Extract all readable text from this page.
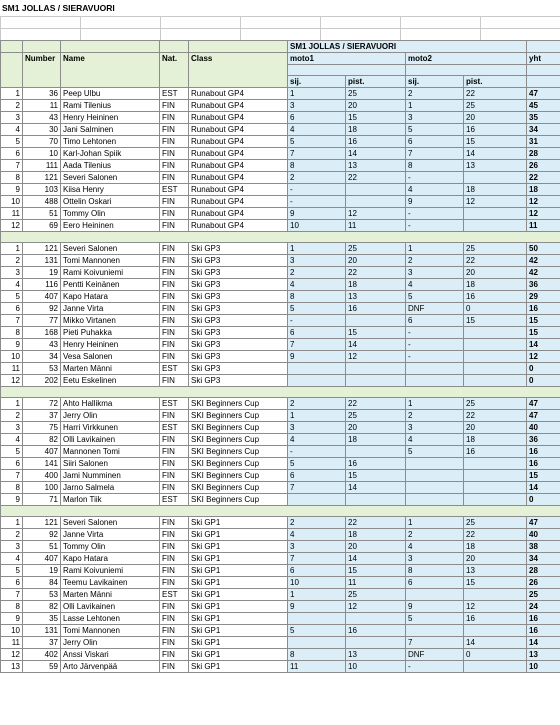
SM1 JOLLAS / SIERAVUORI
					SM1 JOLLAS / SIERAVUORI				
	Number	Name	Nat.	Class	moto1		moto2		yht

					sij.	pist.	sij.	pist.	
1	36	Peep Ulbu	EST	Runabout GP4	1	25	2	22	47
2	11	Rami Tilenius	FIN	Runabout GP4	3	20	1	25	45
3	43	Henry Heininen	FIN	Runabout GP4	6	15	3	20	35
4	30	Jani Salminen	FIN	Runabout GP4	4	18	5	16	34
5	70	Timo Lehtonen	FIN	Runabout GP4	5	16	6	15	31
6	10	Karl-Johan Spiik	FIN	Runabout GP4	7	14	7	14	28
7	111	Aada Tilenius	FIN	Runabout GP4	8	13	8	13	26
8	121	Severi Salonen	FIN	Runabout GP4	2	22	-		22
9	103	Kiisa Henry	EST	Runabout GP4	-		4	18	18
10	488	Ottelin Oskari	FIN	Runabout GP4	-		9	12	12
11	51	Tommy Olin	FIN	Runabout GP4	9	12	-		12
12	69	Eero Heininen	FIN	Runabout GP4	10	11	-		11

1	121	Severi Salonen	FIN	Ski GP3	1	25	1	25	50
2	131	Tomi Mannonen	FIN	Ski GP3	3	20	2	22	42
3	19	Rami Koivuniemi	FIN	Ski GP3	2	22	3	20	42
4	116	Pentti Keinänen	FIN	Ski GP3	4	18	4	18	36
5	407	Kapo Hatara	FIN	Ski GP3	8	13	5	16	29
6	92	Janne Virta	FIN	Ski GP3	5	16	DNF	0	16
7	77	Mikko Virtanen	FIN	Ski GP3	-		6	15	15
8	168	Pieti Puhakka	FIN	Ski GP3	6	15	-		15
9	43	Henry Heininen	FIN	Ski GP3	7	14	-		14
10	34	Vesa Salonen	FIN	Ski GP3	9	12	-		12
11	53	Marten Männi	EST	Ski GP3					0
12	202	Eetu Eskelinen	FIN	Ski GP3					0

1	72	Ahto Hallikma	EST	SKI Beginners Cup	2	22	1	25	47
2	37	Jerry Olin	FIN	SKI Beginners Cup	1	25	2	22	47
3	75	Harri Virkkunen	EST	SKI Beginners Cup	3	20	3	20	40
4	82	Olli Lavikainen	FIN	SKI Beginners Cup	4	18	4	18	36
5	407	Mannonen Tomi	FIN	SKI Beginners Cup	-		5	16	16
6	141	Siiri Salonen	FIN	SKI Beginners Cup	5	16			16
7	400	Jami Numminen	FIN	SKI Beginners Cup	6	15			15
8	100	Jarno Salmela	FIN	SKI Beginners Cup	7	14			14
9	71	Marlon Tiik	EST	SKI Beginners Cup					0

1	121	Severi Salonen	FIN	Ski GP1	2	22	1	25	47
2	92	Janne Virta	FIN	Ski GP1	4	18	2	22	40
3	51	Tommy Olin	FIN	Ski GP1	3	20	4	18	38
4	407	Kapo Hatara	FIN	Ski GP1	7	14	3	20	34
5	19	Rami Koivuniemi	FIN	Ski GP1	6	15	8	13	28
6	84	Teemu Lavikainen	FIN	Ski GP1	10	11	6	15	26
7	53	Marten Männi	EST	Ski GP1	1	25			25
8	82	Olli Lavikainen	FIN	Ski GP1	9	12	9	12	24
9	35	Lasse Lehtonen	FIN	Ski GP1			5	16	16
10	131	Tomi Mannonen	FIN	Ski GP1	5	16			16
11	37	Jerry Olin	FIN	Ski GP1			7	14	14
12	402	Anssi Viskari	FIN	Ski GP1	8	13	DNF	0	13
13	59	Arto Järvenpää	FIN	Ski GP1	11	10	-		10
